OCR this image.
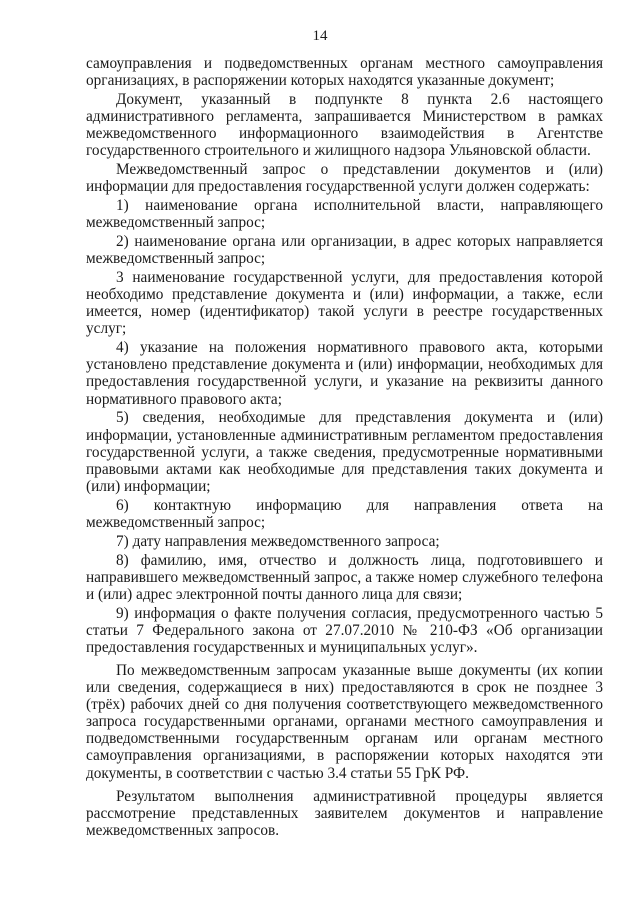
14

самоуправления и подведомственных органам местного самоуправления организациях, в распоряжении которых находятся указанные документ;

Документ, указанный в подпункте 8 пункта 2.6 настоящего административного регламента, запрашивается Министерством в рамках межведомственного информационного взаимодействия в Агентстве государственного строительного и жилищного надзора Ульяновской области.

Межведомственный запрос о представлении документов и (или) информации для предоставления государственной услуги должен содержать:

1) наименование органа исполнительной власти, направляющего межведомственный запрос;

2) наименование органа или организации, в адрес которых направляется межведомственный запрос;

3 наименование государственной услуги, для предоставления которой необходимо представление документа и (или) информации, а также, если имеется, номер (идентификатор) такой услуги в реестре государственных услуг;

4) указание на положения нормативного правового акта, которыми установлено представление документа и (или) информации, необходимых для предоставления государственной услуги, и указание на реквизиты данного нормативного правового акта;

5) сведения, необходимые для представления документа и (или) информации, установленные административным регламентом предоставления государственной услуги, а также сведения, предусмотренные нормативными правовыми актами как необходимые для представления таких документа и (или) информации;

6) контактную информацию для направления ответа на межведомственный запрос;

7) дату направления межведомственного запроса;

8) фамилию, имя, отчество и должность лица, подготовившего и направившего межведомственный запрос, а также номер служебного телефона и (или) адрес электронной почты данного лица для связи;

9) информация о факте получения согласия, предусмотренного частью 5 статьи 7 Федерального закона от 27.07.2010 № 210-ФЗ «Об организации предоставления государственных и муниципальных услуг».

По межведомственным запросам указанные выше документы (их копии или сведения, содержащиеся в них) предоставляются в срок не позднее 3 (трёх) рабочих дней со дня получения соответствующего межведомственного запроса государственными органами, органами местного самоуправления и подведомственными государственным органам или органам местного самоуправления организациями, в распоряжении которых находятся эти документы, в соответствии с частью 3.4 статьи 55 ГрК РФ.

Результатом выполнения административной процедуры является рассмотрение представленных заявителем документов и направление межведомственных запросов.
